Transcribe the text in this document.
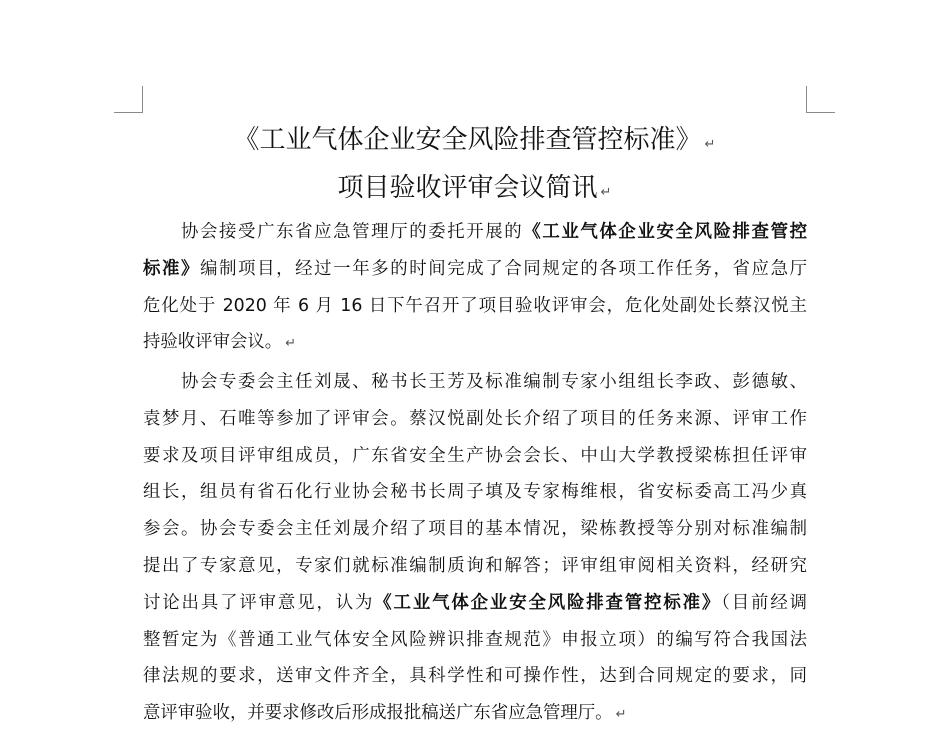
《工业气体企业安全风险排查管控标准》 ↵
项目验收评审会议简讯 ↵
协会接受广东省应急管理厅的委托开展的《工业气体企业安全风险排查管控
标准》编制项目，经过一年多的时间完成了合同规定的各项工作任务，省应急厅
危化处于 2020 年 6 月 16 日下午召开了项目验收评审会，危化处副处长蔡汉悦主
持验收评审会议。 ↵
协会专委会主任刘晟、秘书长王芳及标准编制专家小组组长李政、彭德敏、
袁梦月、石唯等参加了评审会。蔡汉悦副处长介绍了项目的任务来源、评审工作
要求及项目评审组成员，广东省安全生产协会会长、中山大学教授梁栋担任评审
组长，组员有省石化行业协会秘书长周子填及专家梅维根，省安标委高工冯少真
参会。协会专委会主任刘晟介绍了项目的基本情况，梁栋教授等分别对标准编制
提出了专家意见，专家们就标准编制质询和解答；评审组审阅相关资料，经研究
讨论出具了评审意见，认为《工业气体企业安全风险排查管控标准》（目前经调
整暂定为《普通工业气体安全风险辨识排查规范》申报立项）的编写符合我国法
律法规的要求，送审文件齐全，具科学性和可操作性，达到合同规定的要求，同
意评审验收，并要求修改后形成报批稿送广东省应急管理厅。 ↵
